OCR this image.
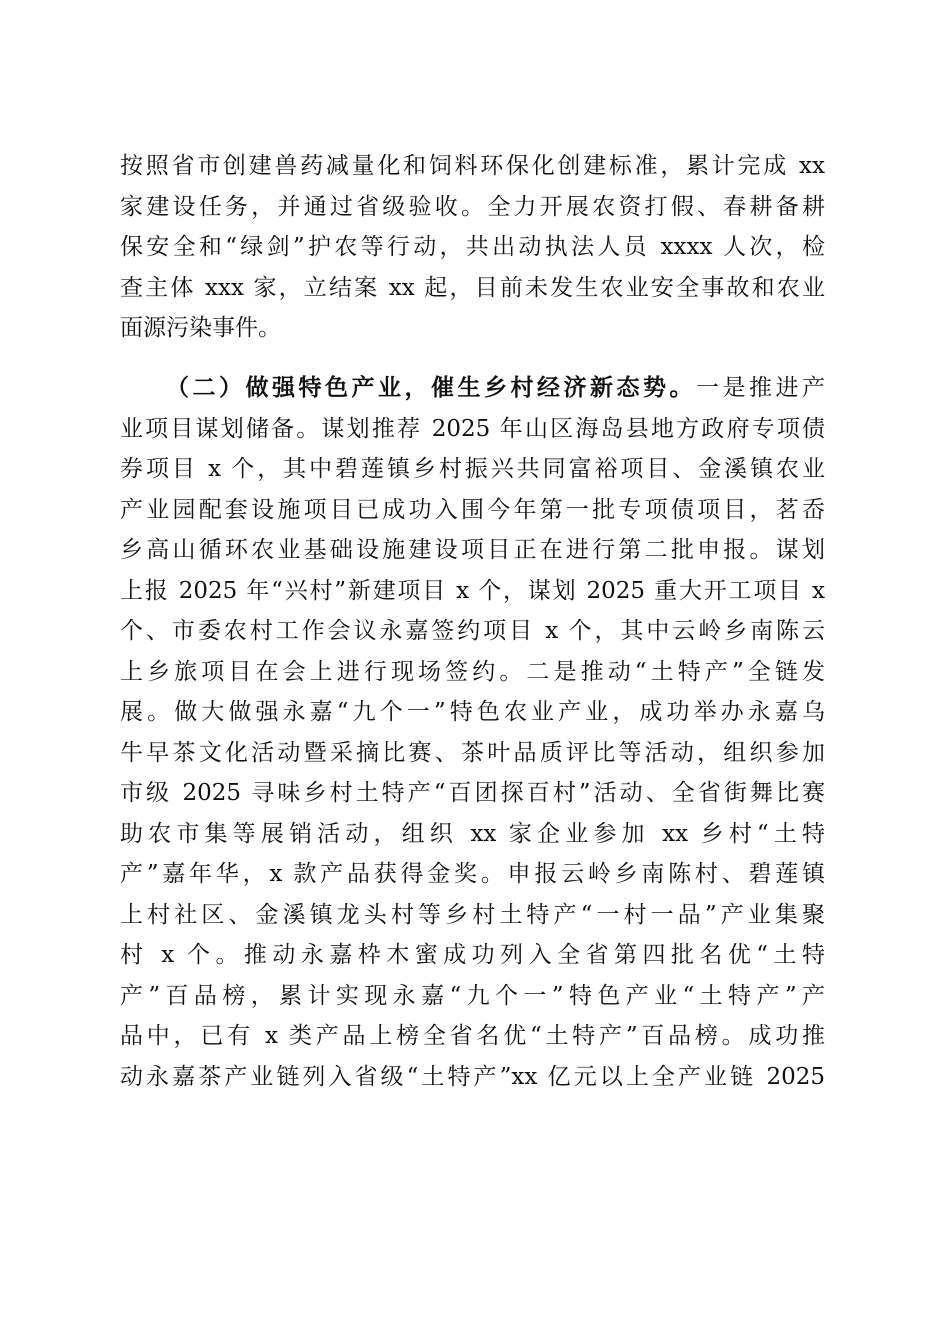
按照省市创建兽药减量化和饲料环保化创建标准，累计完成 xx
家建设任务，并通过省级验收。全力开展农资打假、春耕备耕
保安全和“绿剑”护农等行动，共出动执法人员 xxxx 人次，检
查主体 xxx 家，立结案 xx 起，目前未发生农业安全事故和农业
面源污染事件。
（二）做强特色产业，催生乡村经济新态势。一是推进产
业项目谋划储备。谋划推荐 2025 年山区海岛县地方政府专项债
券项目 x 个，其中碧莲镇乡村振兴共同富裕项目、金溪镇农业
产业园配套设施项目已成功入围今年第一批专项债项目，茗岙
乡高山循环农业基础设施建设项目正在进行第二批申报。谋划
上报 2025 年“兴村”新建项目 x 个，谋划 2025 重大开工项目 x
个、市委农村工作会议永嘉签约项目 x 个，其中云岭乡南陈云
上乡旅项目在会上进行现场签约。二是推动“土特产”全链发
展。做大做强永嘉“九个一”特色农业产业，成功举办永嘉乌
牛早茶文化活动暨采摘比赛、茶叶品质评比等活动，组织参加
市级 2025 寻味乡村土特产“百团探百村”活动、全省街舞比赛
助农市集等展销活动，组织 xx 家企业参加 xx 乡村“土特
产”嘉年华，x 款产品获得金奖。申报云岭乡南陈村、碧莲镇
上村社区、金溪镇龙头村等乡村土特产“一村一品”产业集聚
村 x 个。推动永嘉枠木蜜成功列入全省第四批名优“土特
产”百品榜，累计实现永嘉“九个一”特色产业“土特产”产
品中，已有 x 类产品上榜全省名优“土特产”百品榜。成功推
动永嘉茶产业链列入省级“土特产”xx 亿元以上全产业链 2025
